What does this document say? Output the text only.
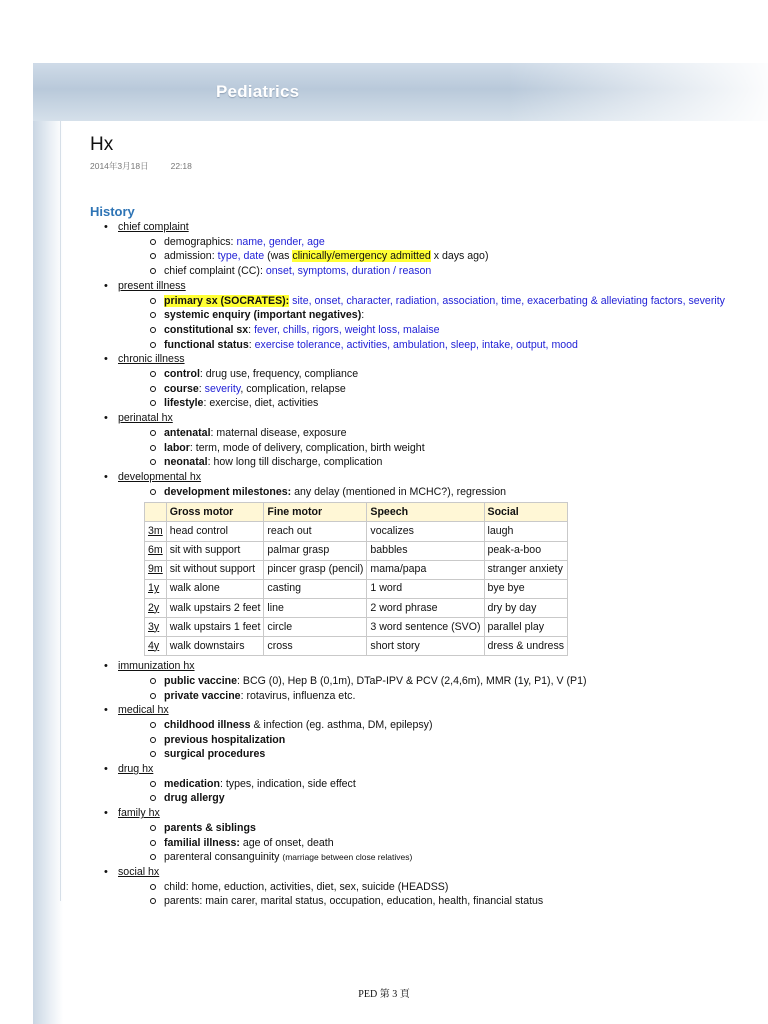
Pediatrics
Hx
2014年3月18日	22:18
History
• chief complaint
demographics: name, gender, age
admission: type, date (was clinically/emergency admitted x days ago)
chief complaint (CC): onset, symptoms, duration / reason
• present illness
primary sx (SOCRATES): site, onset, character, radiation, association, time, exacerbating & alleviating factors, severity
systemic enquiry (important negatives):
constitutional sx: fever, chills, rigors, weight loss, malaise
functional status: exercise tolerance, activities, ambulation, sleep, intake, output, mood
• chronic illness
control: drug use, frequency, compliance
course: severity, complication, relapse
lifestyle: exercise, diet, activities
• perinatal hx
antenatal: maternal disease, exposure
labor: term, mode of delivery, complication, birth weight
neonatal: how long till discharge, complication
• developmental hx
development milestones: any delay (mentioned in MCHC?), regression
	Gross motor	Fine motor	Speech	Social
3m	head control	reach out	vocalizes	laugh
6m	sit with support	palmar grasp	babbles	peak-a-boo
9m	sit without support	pincer grasp (pencil)	mama/papa	stranger anxiety
1y	walk alone	casting	1 word	bye bye
2y	walk upstairs 2 feet	line	2 word phrase	dry by day
3y	walk upstairs 1 feet	circle	3 word sentence (SVO)	parallel play
4y	walk downstairs	cross	short story	dress & undress
• immunization hx
public vaccine: BCG (0), Hep B (0,1m), DTaP-IPV & PCV (2,4,6m), MMR (1y, P1), V (P1)
private vaccine: rotavirus, influenza etc.
• medical hx
childhood illness & infection (eg. asthma, DM, epilepsy)
previous hospitalization
surgical procedures
• drug hx
medication: types, indication, side effect
drug allergy
• family hx
parents & siblings
familial illness: age of onset, death
parenteral consanguinity (marriage between close relatives)
• social hx
child: home, eduction, activities, diet, sex, suicide (HEADSS)
parents: main carer, marital status, occupation, education, health, financial status
PED 第 3 頁
